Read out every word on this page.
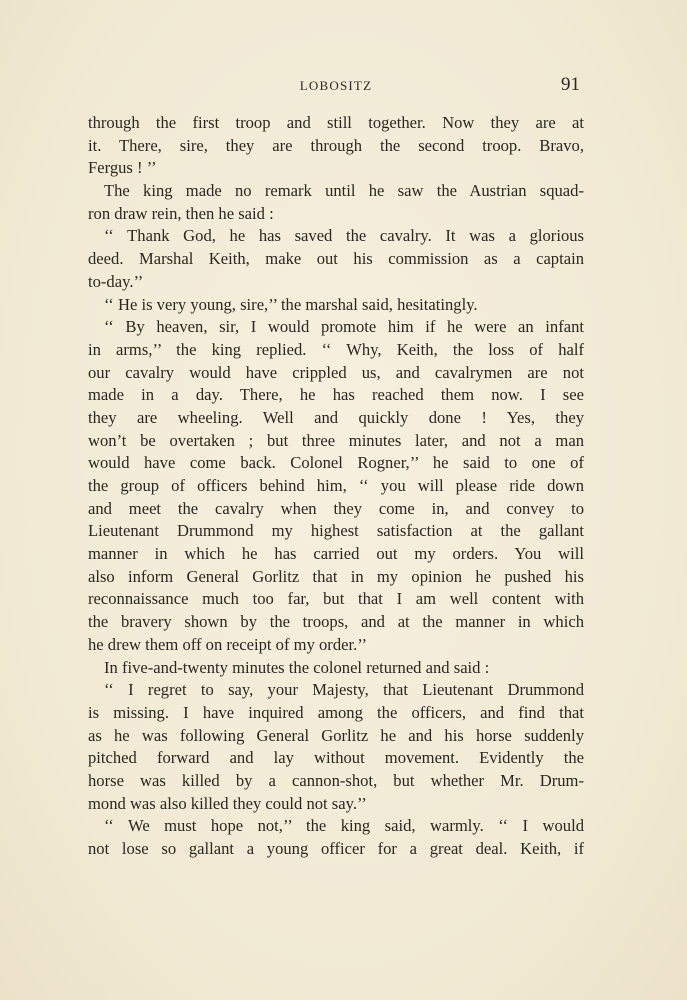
LOBOSITZ	91
through the first troop and still together. Now they are at
it. There, sire, they are through the second troop. Bravo,
Fergus ! ’’
The king made no remark until he saw the Austrian squad-
ron draw rein, then he said :
‘‘ Thank God, he has saved the cavalry. It was a glorious
deed. Marshal Keith, make out his commission as a captain
to-day.’’
‘‘ He is very young, sire,’’ the marshal said, hesitatingly.
‘‘ By heaven, sir, I would promote him if he were an infant
in arms,’’ the king replied. ‘‘ Why, Keith, the loss of half
our cavalry would have crippled us, and cavalrymen are not
made in a day. There, he has reached them now. I see
they are wheeling. Well and quickly done ! Yes, they
won’t be overtaken ; but three minutes later, and not a man
would have come back. Colonel Rogner,’’ he said to one of
the group of officers behind him, ‘‘ you will please ride down
and meet the cavalry when they come in, and convey to
Lieutenant Drummond my highest satisfaction at the gallant
manner in which he has carried out my orders. You will
also inform General Gorlitz that in my opinion he pushed his
reconnaissance much too far, but that I am well content with
the bravery shown by the troops, and at the manner in which
he drew them off on receipt of my order.’’
In five-and-twenty minutes the colonel returned and said :
‘‘ I regret to say, your Majesty, that Lieutenant Drummond
is missing. I have inquired among the officers, and find that
as he was following General Gorlitz he and his horse suddenly
pitched forward and lay without movement. Evidently the
horse was killed by a cannon-shot, but whether Mr. Drum-
mond was also killed they could not say.’’
‘‘ We must hope not,’’ the king said, warmly. ‘‘ I would
not lose so gallant a young officer for a great deal. Keith, if
